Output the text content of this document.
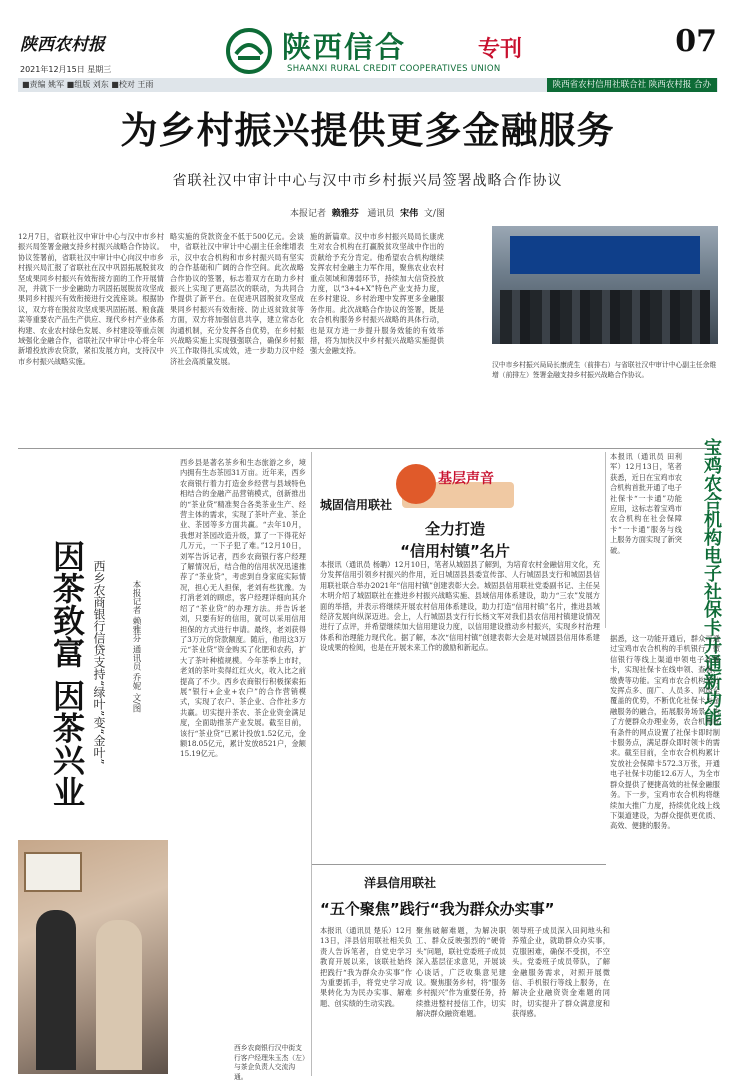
陕西农村报
2021年12月15日 星期三
陕西信合
SHAANXI RURAL CREDIT COOPERATIVES UNION
专刊	07
■责编 姚军 ■组版 刘东 ■校对 王雨	陕西省农村信用社联合社 陕西农村报 合办
为乡村振兴提供更多金融服务
省联社汉中审计中心与汉中市乡村振兴局签署战略合作协议
本报记者 赖雅芬 通讯员 宋伟 文/图
12月7日，省联社汉中审计中心与汉中市乡村振兴局签署金融支持乡村振兴战略合作协议。协议签署前，省联社汉中审计中心向汉中市乡村振兴局汇报了省联社在汉中巩固拓展脱贫攻坚成果同乡村振兴有效衔接方面的工作开展情况，并就下一步金融助力巩固拓展脱贫攻坚成果同乡村振兴有效衔接进行交流座谈。根据协议，双方将在脱贫攻坚成果巩固拓展、粮食蔬菜等重要农产品生产供应、现代乡村产业体系构建、农业农村绿色发展、乡村建设等重点领域强化金融合作，省联社汉中审计中心将全年新增投放涉农贷款，紧扣发展方向，支持汉中市乡村振兴战略实施。
略实施的贷款资金不低于500亿元。会谈中，省联社汉中审计中心副主任余维增表示，汉中农合机构和市乡村振兴局有坚实的合作基础和广阔的合作空间。此次战略合作协议的签署，标志着双方在助力乡村振兴上实现了更高层次的联动，为共同合作提供了新平台。在促进巩固脱贫攻坚成果同乡村振兴有效衔接、防止返贫致贫等方面，双方将加强信息共享，建立常态化沟通机制，充分发挥各自优势，在乡村振兴战略实施上实现强强联合，确保乡村振兴工作取得扎实成效，进一步助力汉中经济社会高质量发展。
施的新篇章。汉中市乡村振兴局局长康虎生对农合机构在打赢脱贫攻坚战中作出的贡献给予充分肯定。他希望农合机构继续发挥农村金融主力军作用，聚焦农业农村重点领域和薄弱环节，持续加大信贷投放力度，以“3+4+X”特色产业支持力度，在乡村建设、乡村治理中发挥更多金融服务作用。此次战略合作协议的签署，既是农合机构服务乡村振兴战略的具体行动，也是双方进一步提升服务效能的有效举措，将为加快汉中乡村振兴战略实施提供强大金融支持。
汉中市乡村振兴局局长康虎生（前排右）与省联社汉中审计中心副主任余维增（前排左）签署金融支持乡村振兴战略合作协议。
因茶致富 因茶兴业 西乡农商银行信贷支持“绿叶”变“金叶”	本报记者 赖雅芬 通讯员 乔妮 文/图
西乡县是著名茶乡和生态旅游之乡，境内拥有生态茶园31万亩。近年来，西乡农商银行着力打造金乡经营与县域特色相结合的金融产品营销模式，创新推出的“茶业贷”精准契合各类茶业生产、经营主体的需求，实现了茶叶产业、茶企业、茶园等多方面共赢。“去年10月，我想对茶园改造升级，算了一下得花好几万元，一下子犯了难。”12月10日，刘军告诉记者，西乡农商银行客户经理了解情况后，结合他的信用状况迅速推荐了“茶业贷”，考虑到自身家庭实际情况，担心无人担保，老刘有些犹豫。为打消老刘的顾虑，客户经理详细向其介绍了“茶业贷”的办理方法。并告诉老刘，只要有好的信用，就可以采用信用担保的方式进行申请。最终，老刘获得了3万元的贷款额度。随后，他用这3万元“茶业贷”资金购买了化肥和农药，扩大了茶叶种植规模。今年茶季上市时，老刘的茶叶卖得红红火火，收入比之前提高了不少。西乡农商银行积极探索拓展“银行+企业+农户”的合作营销模式，实现了农户、茶企业、合作社多方共赢。切实提升茶农、茶企业资金满足度，全面助推茶产业发展。截至目前，该行“茶业贷”已累计投放1.52亿元，金额18.05亿元，累计发放8521户，金额15.19亿元。
西乡农商银行汉中街支行客户经理朱玉杰（左）与茶企负责人交流沟通。
基层声音
城固信用联社
全力打造
“信用村镇”名片
本报讯（通讯员 杨聃）12月10日，笔者从城固县了解到，为培育农村金融信用文化，充分发挥信用引领乡村振兴的作用，近日城固县县委宣传部、人行城固县支行和城固县信用联社联合举办2021年“信用村镇”创建表彰大会。城固县信用联社党委副书记、主任吴木明介绍了城固联社在推进乡村振兴战略实施、县域信用体系建设，助力“三农”发展方面的举措，并表示将继续开展农村信用体系建设，助力打造“信用村镇”名片，推进县域经济发展向纵深迈进。会上，人行城固县支行行长杨文军对我们县农信用村镇建设情况进行了点评，并希望继续加大信用建设力度，以信用建设推动乡村振兴，实现乡村治理体系和治理能力现代化。据了解，本次“信用村镇”创建表彰大会是对城固县信用体系建设成果的检阅，也是在开展未来工作的激励和新起点。
洋县信用联社
“五个聚焦”践行“我为群众办实事”
本报讯（通讯员 楚乐）12月13日，洋县信用联社相关负责人告诉笔者，自党史学习教育开展以来，该联社始终把践行“我为群众办实事”作为重要抓手，将党史学习成果转化为为民办实事、解难题、创实绩的生动实践。
聚焦破解难题，为解决职工、群众反映强烈的“硬骨头”问题，联社党委班子成员深入基层征求意见，开展谈心谈话，广泛收集意见建议。聚焦服务乡村，将“服务乡村振兴”作为重要任务，持续推进整村授信工作，切实解决群众融资难题。
领导班子成员深入田间地头和养殖企业，就助群众办实事，克服困难，确保不受损，不空头。党委班子成员带队，了解金融服务需求，对照开展微信、手机银行等线上服务，在解决企业融资资金难题的同时，切实提升了群众满意度和获得感。
本报讯（通讯员 田利军）12月13日，笔者获悉，近日在宝鸡市农合机构首批开通了电子社保卡“一卡通”功能应用，这标志着宝鸡市农合机构在社会保障卡“一卡通”服务与线上服务方面实现了新突破。	宝鸡农合机构电子社保卡开通新功能
据悉，这一功能开通后，群众可通过宝鸡市农合机构的手机银行、微信银行等线上渠道申领电子社保卡，实现社保卡在线申领、查询、缴费等功能。宝鸡市农合机构充分发挥点多、面广、人员多、网络全覆盖的优势，不断优化社保卡与金融服务的融合，拓展服务场景。为了方便群众办理业务，农合机构在有条件的网点设置了社保卡即时制卡服务点，满足群众即时领卡的需求。截至目前，全市农合机构累计发放社会保障卡572.3万张，开通电子社保卡功能12.6万人，为全市群众提供了便捷高效的社保金融服务。下一步，宝鸡市农合机构将继续加大推广力度，持续优化线上线下渠道建设，为群众提供更优质、高效、便捷的服务。
